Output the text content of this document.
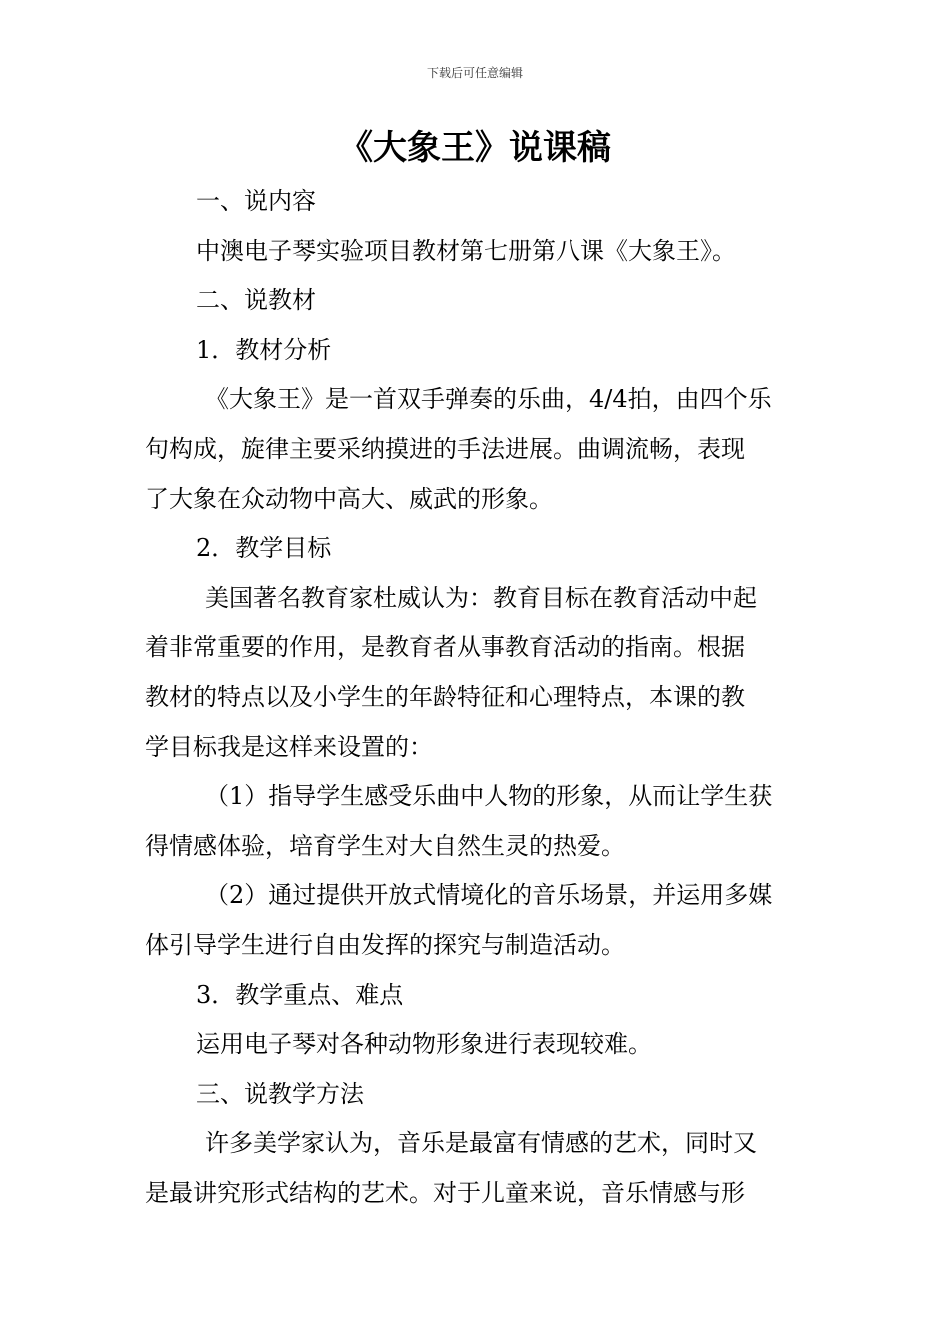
下载后可任意编辑
《大象王》说课稿
一、说内容
中澳电子琴实验项目教材第七册第八课《大象王》。
二、说教材
1．教材分析
《大象王》是一首双手弹奏的乐曲，4/4拍，由四个乐
句构成，旋律主要采纳摸进的手法进展。曲调流畅，表现
了大象在众动物中高大、威武的形象。
2．教学目标
美国著名教育家杜威认为：教育目标在教育活动中起
着非常重要的作用，是教育者从事教育活动的指南。根据
教材的特点以及小学生的年龄特征和心理特点，本课的教
学目标我是这样来设置的：
（1）指导学生感受乐曲中人物的形象，从而让学生获
得情感体验，培育学生对大自然生灵的热爱。
（2）通过提供开放式情境化的音乐场景，并运用多媒
体引导学生进行自由发挥的探究与制造活动。
3．教学重点、难点
运用电子琴对各种动物形象进行表现较难。
三、说教学方法
许多美学家认为，音乐是最富有情感的艺术，同时又
是最讲究形式结构的艺术。对于儿童来说，音乐情感与形
